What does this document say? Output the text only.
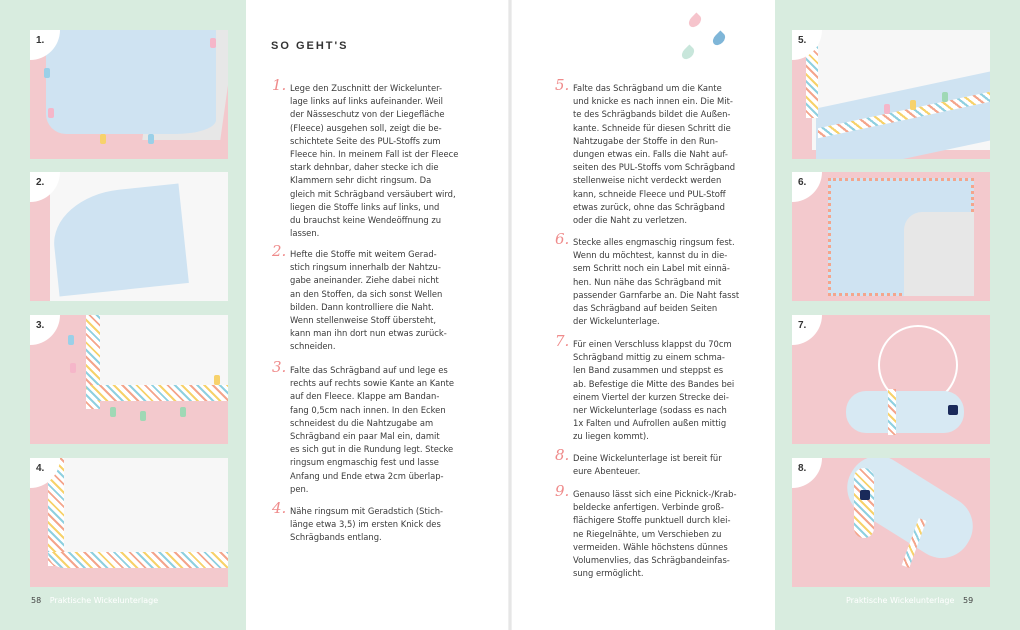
1.
2.
3.
4.
SO GEHT'S
1. Lege den Zuschnitt der Wickelunter-
lage links auf links aufeinander. Weil
der Nässeschutz von der Liegefläche
(Fleece) ausgehen soll, zeigt die be-
schichtete Seite des PUL-Stoffs zum
Fleece hin. In meinem Fall ist der Fleece
stark dehnbar, daher stecke ich die
Klammern sehr dicht ringsum. Da
gleich mit Schrägband versäubert wird,
liegen die Stoffe links auf links, und
du brauchst keine Wendeöffnung zu
lassen.
2. Hefte die Stoffe mit weitem Gerad-
stich ringsum innerhalb der Nahtzu-
gabe aneinander. Ziehe dabei nicht
an den Stoffen, da sich sonst Wellen
bilden. Dann kontrolliere die Naht.
Wenn stellenweise Stoff übersteht,
kann man ihn dort nun etwas zurück-
schneiden.
3. Falte das Schrägband auf und lege es
rechts auf rechts sowie Kante an Kante
auf den Fleece. Klappe am Bandan-
fang 0,5cm nach innen. In den Ecken
schneidest du die Nahtzugabe am
Schrägband ein paar Mal ein, damit
es sich gut in die Rundung legt. Stecke
ringsum engmaschig fest und lasse
Anfang und Ende etwa 2cm überlap-
pen.
4. Nähe ringsum mit Geradstich (Stich-
länge etwa 3,5) im ersten Knick des
Schrägbands entlang.
5. Falte das Schrägband um die Kante
und knicke es nach innen ein. Die Mit-
te des Schrägbands bildet die Außen-
kante. Schneide für diesen Schritt die
Nahtzugabe der Stoffe in den Run-
dungen etwas ein. Falls die Naht auf-
seiten des PUL-Stoffs vom Schrägband
stellenweise nicht verdeckt werden
kann, schneide Fleece und PUL-Stoff
etwas zurück, ohne das Schrägband
oder die Naht zu verletzen.
6. Stecke alles engmaschig ringsum fest.
Wenn du möchtest, kannst du in die-
sem Schritt noch ein Label mit einnä-
hen. Nun nähe das Schrägband mit
passender Garnfarbe an. Die Naht fasst
das Schrägband auf beiden Seiten
der Wickelunterlage.
7. Für einen Verschluss klappst du 70cm
Schrägband mittig zu einem schma-
len Band zusammen und steppst es
ab. Befestige die Mitte des Bandes bei
einem Viertel der kurzen Strecke dei-
ner Wickelunterlage (sodass es nach
1x Falten und Aufrollen außen mittig
zu liegen kommt).
8. Deine Wickelunterlage ist bereit für
eure Abenteuer.
9. Genauso lässt sich eine Picknick-/Krab-
beldecke anfertigen. Verbinde groß-
flächigere Stoffe punktuell durch klei-
ne Riegelnähte, um Verschieben zu
vermeiden. Wähle höchstens dünnes
Volumenvlies, das Schrägbandeinfas-
sung ermöglicht.
5.
6.
7.
8.
58 Praktische Wickelunterlage	Praktische Wickelunterlage 59
